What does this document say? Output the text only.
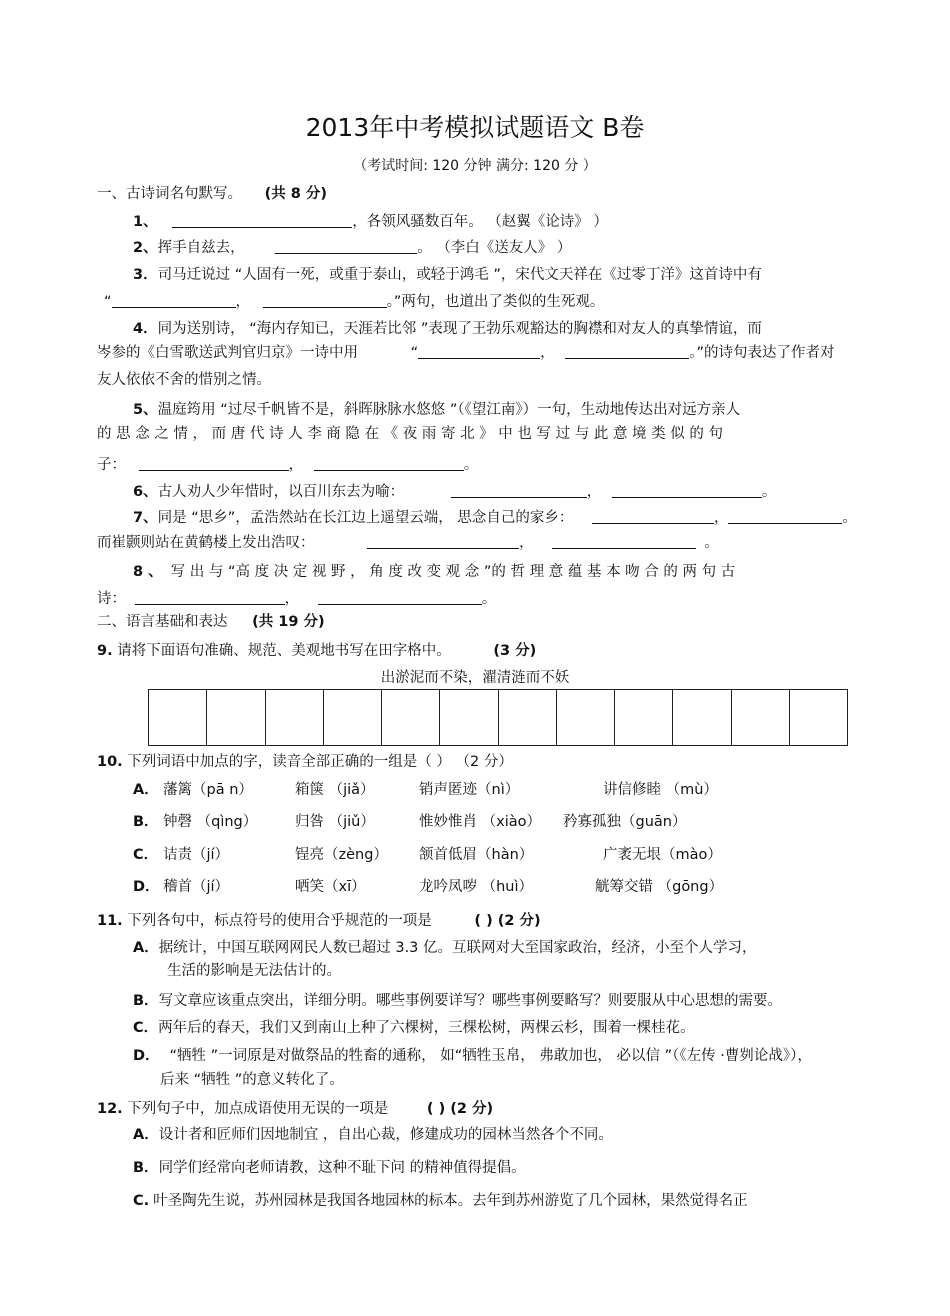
2013年中考模拟试题语文 B卷
（考试时间: 120 分钟 满分: 120 分 ）
一、古诗词名句默写。 (共 8 分)
1、	，各领风骚数百年。 （赵翼《论诗》 ）
2、挥手自兹去，	。 （李白《送友人》 ）
3．司马迁说过 “人固有一死，或重于泰山，或轻于鸿毛 ”，宋代文天祥在《过零丁洋》这首诗中有
“	，	。”两句，也道出了类似的生死观。
4．同为送别诗， “海内存知已，天涯若比邻 ”表现了王勃乐观豁达的胸襟和对友人的真挚情谊，而
岑参的《白雪歌送武判官归京》一诗中用	“	，	。”的诗句表达了作者对
友人依依不舍的惜别之情。
5、温庭筠用 “过尽千帆皆不是，斜晖脉脉水悠悠 ”（《望江南》）一句，生动地传达出对远方亲人
的 思 念 之 情 ， 而 唐 代 诗 人 李 商 隐 在 《 夜 雨 寄 北 》 中 也 写 过 与 此 意 境 类 似 的 句
子：	，	。
6、古人劝人少年惜时，以百川东去为喻：	，	。
7、同是 “思乡”，孟浩然站在长江边上遥望云端， 思念自己的家乡：	，	。
而崔颢则站在黄鹤楼上发出浩叹：	，	。
8 、 写 出 与 “高 度 决 定 视 野 ， 角 度 改 变 观 念 ”的 哲 理 意 蕴 基 本 吻 合 的 两 句 古
诗：	，	。
二、语言基础和表达 (共 19 分)
9. 请将下面语句准确、规范、美观地书写在田字格中。	(3 分)
出淤泥而不染，濯清涟而不妖
10. 下列词语中加点的字，读音全部正确的一组是（ ） （2 分）
A． 藩篱（pā n）	箱箧 （jiǎ）	销声匿迹（nì）	讲信修睦 （mù）
B． 钟磬 （qìng）	归咎 （jiǔ）	惟妙惟肖 （xiào） 矜寡孤独（guān）
C． 诘责（jí）	锃亮（zèng） 颔首低眉（hàn）	广袤无垠（mào）
D． 稽首（jí）	哂笑（xī）	龙吟凤哕 （huì）	觥筹交错 （gōng）
11. 下列各句中，标点符号的使用合乎规范的一项是	( ) (2 分)
A．据统计，中国互联网网民人数已超过 3.3 亿。互联网对大至国家政治，经济，小至个人学习，
生活的影响是无法估计的。
B．写文章应该重点突出，详细分明。哪些事例要详写？哪些事例要略写？则要服从中心思想的需要。
C．两年后的春天，我们又到南山上种了六棵树，三棵松树，两棵云杉，围着一棵桂花。
D． “牺牲 ”一词原是对做祭品的牲畜的通称， 如“牺牲玉帛， 弗敢加也， 必以信 ”（《左传 ·曹刿论战》），
后来 “牺牲 ”的意义转化了。
12. 下列句子中，加点成语使用无误的一项是	( ) (2 分)
A．设计者和匠师们因地制宜 ，自出心裁，修建成功的园林当然各个不同。
B．同学们经常向老师请教，这种不耻下问 的精神值得提倡。
C. 叶圣陶先生说，苏州园林是我国各地园林的标本。去年到苏州游览了几个园林，果然觉得名正
